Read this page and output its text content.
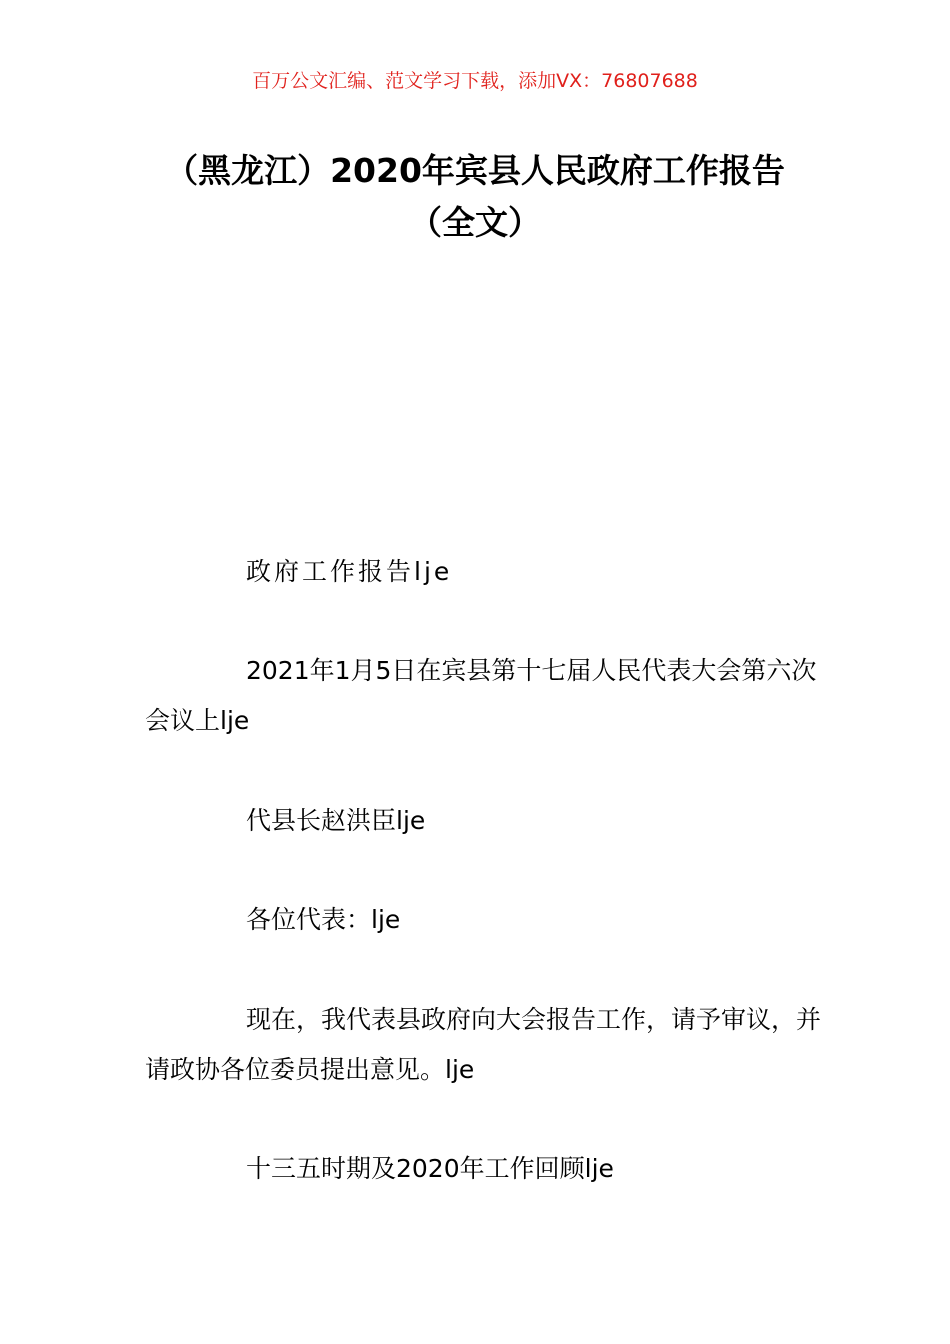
百万公文汇编、范文学习下载，添加VX：76807688
（黑龙江）2020年宾县人民政府工作报告
（全文）

政府工作报告lje

2021年1月5日在宾县第十七届人民代表大会第六次会议上lje

代县长赵洪臣lje

各位代表：lje

现在，我代表县政府向大会报告工作，请予审议，并请政协各位委员提出意见。lje

十三五时期及2020年工作回顾lje
